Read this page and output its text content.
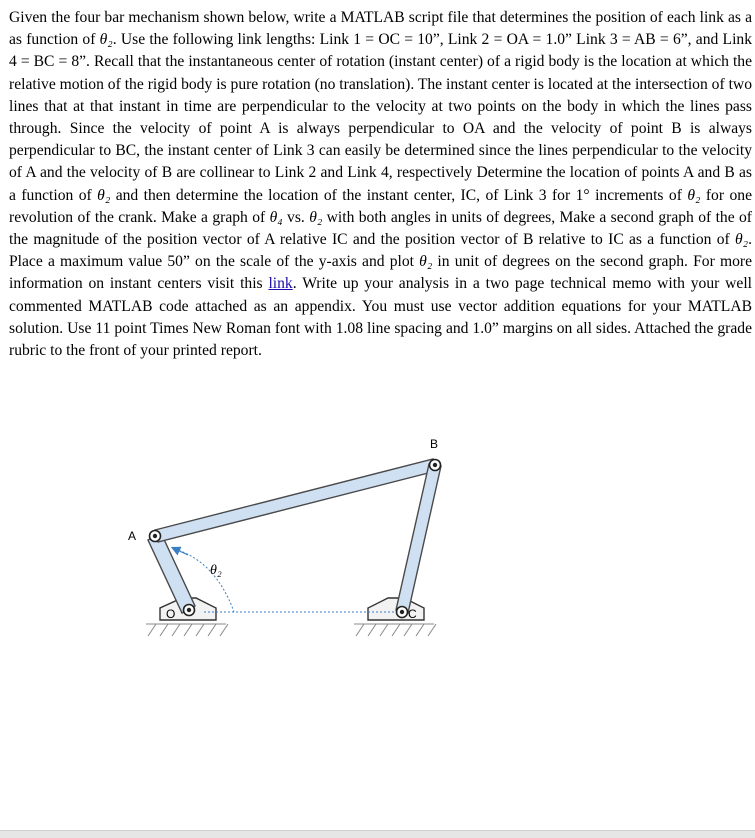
Given the four bar mechanism shown below, write a MATLAB script file that determines the position of each link as a as function of θ₂. Use the following link lengths: Link 1 = OC = 10”, Link 2 = OA = 1.0” Link 3 = AB = 6”, and Link 4 = BC = 8”. Recall that the instantaneous center of rotation (instant center) of a rigid body is the location at which the relative motion of the rigid body is pure rotation (no translation). The instant center is located at the intersection of two lines that at that instant in time are perpendicular to the velocity at two points on the body in which the lines pass through. Since the velocity of point A is always perpendicular to OA and the velocity of point B is always perpendicular to BC, the instant center of Link 3 can easily be determined since the lines perpendicular to the velocity of A and the velocity of B are collinear to Link 2 and Link 4, respectively Determine the location of points A and B as a function of θ₂ and then determine the location of the instant center, IC, of Link 3 for 1° increments of θ₂ for one revolution of the crank. Make a graph of θ₄ vs. θ₂ with both angles in units of degrees, Make a second graph of the of the magnitude of the position vector of A relative IC and the position vector of B relative to IC as a function of θ₂. Place a maximum value 50” on the scale of the y-axis and plot θ₂ in unit of degrees on the second graph. For more information on instant centers visit this link. Write up your analysis in a two page technical memo with your well commented MATLAB code attached as an appendix. You must use vector addition equations for your MATLAB solution. Use 11 point Times New Roman font with 1.08 line spacing and 1.0” margins on all sides. Attached the grade rubric to the front of your printed report.

A
B
O	C
θ₂
